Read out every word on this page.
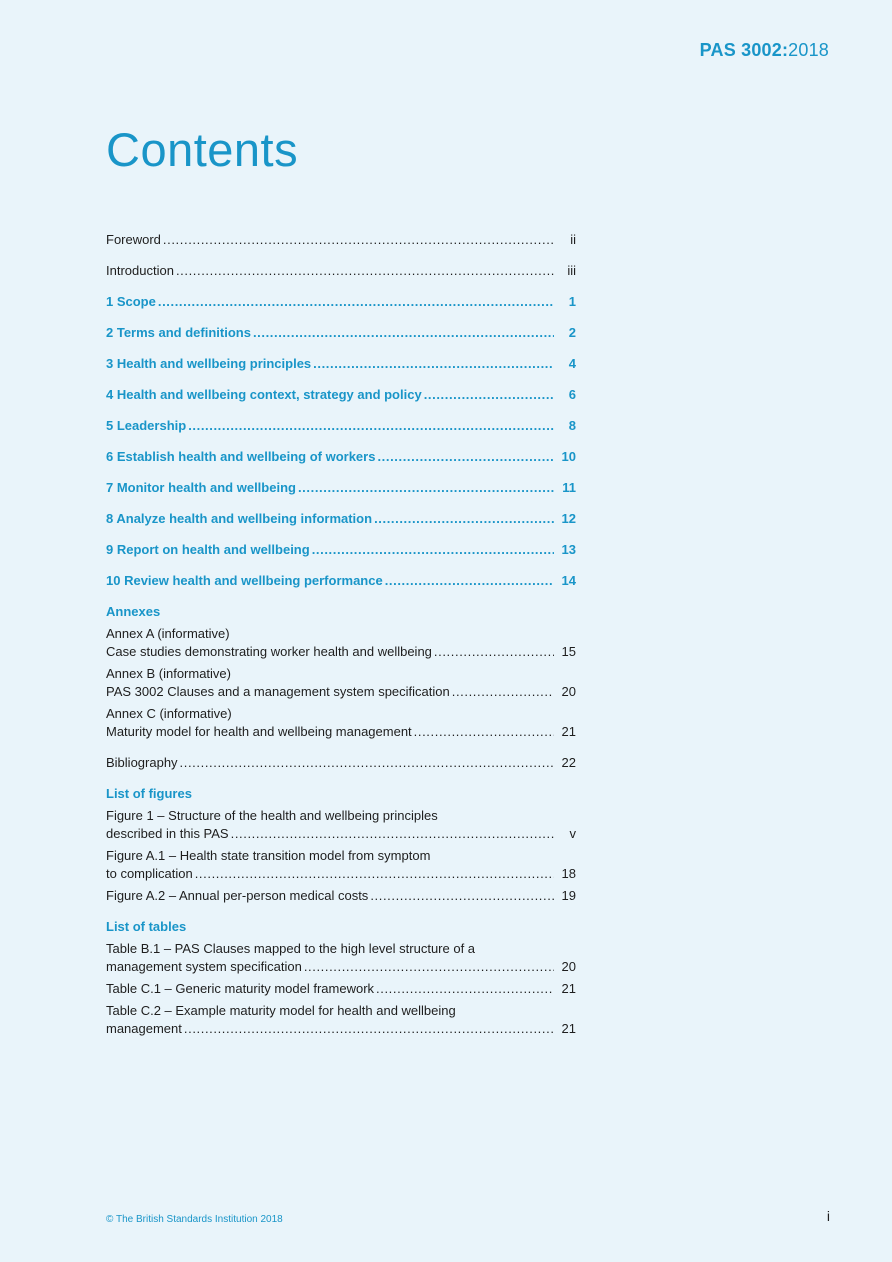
PAS 3002:2018
Contents
Foreword .....	ii
Introduction .....	iii
1 Scope .....	1
2 Terms and definitions .....	2
3 Health and wellbeing principles .....	4
4 Health and wellbeing context, strategy and policy .....	6
5 Leadership .....	8
6 Establish health and wellbeing of workers .....	10
7 Monitor health and wellbeing .....	11
8 Analyze health and wellbeing information .....	12
9 Report on health and wellbeing .....	13
10 Review health and wellbeing performance .....	14
Annexes
Annex A (informative)
Case studies demonstrating worker health and wellbeing .....	15
Annex B (informative)
PAS 3002 Clauses and a management system specification .....	20
Annex C (informative)
Maturity model for health and wellbeing management .....	21
Bibliography .....	22
List of figures
Figure 1 – Structure of the health and wellbeing principles
described in this PAS .....	v
Figure A.1 – Health state transition model from symptom
to complication .....	18
Figure A.2 – Annual per-person medical costs .....	19
List of tables
Table B.1 – PAS Clauses mapped to the high level structure of a
management system specification .....	20
Table C.1 – Generic maturity model framework .....	21
Table C.2 – Example maturity model for health and wellbeing
management .....	21
© The British Standards Institution 2018	i
